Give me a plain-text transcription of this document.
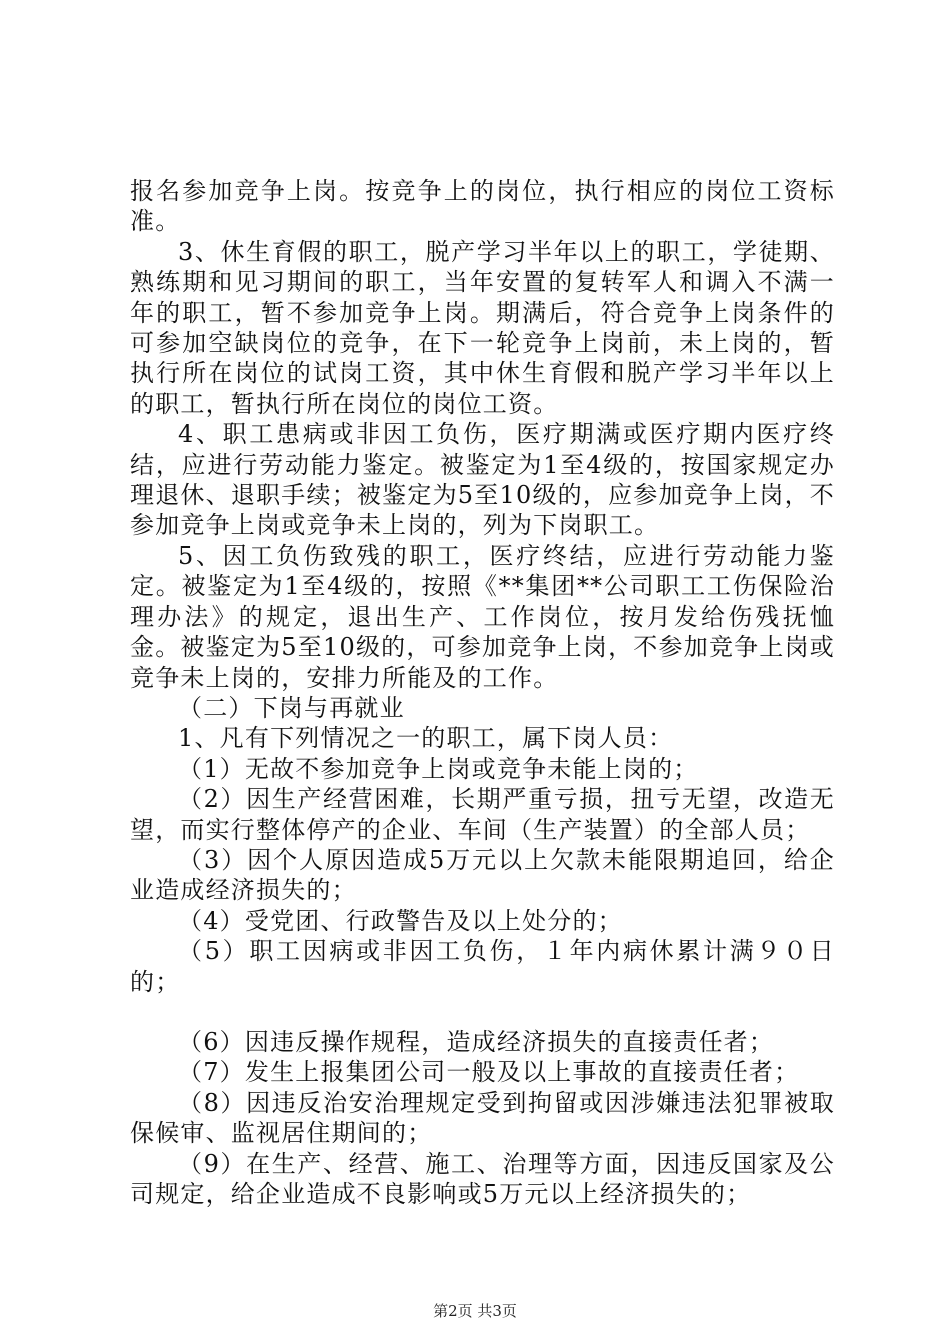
报名参加竞争上岗。按竞争上的岗位，执行相应的岗位工资标准。

3、休生育假的职工，脱产学习半年以上的职工，学徒期、熟练期和见习期间的职工，当年安置的复转军人和调入不满一年的职工，暂不参加竞争上岗。期满后，符合竞争上岗条件的可参加空缺岗位的竞争，在下一轮竞争上岗前，未上岗的，暂执行所在岗位的试岗工资，其中休生育假和脱产学习半年以上的职工，暂执行所在岗位的岗位工资。

4、职工患病或非因工负伤，医疗期满或医疗期内医疗终结，应进行劳动能力鉴定。被鉴定为1至4级的，按国家规定办理退休、退职手续；被鉴定为5至10级的，应参加竞争上岗，不参加竞争上岗或竞争未上岗的，列为下岗职工。

5、因工负伤致残的职工，医疗终结，应进行劳动能力鉴定。被鉴定为1至4级的，按照《**集团**公司职工工伤保险治理办法》的规定，退出生产、工作岗位，按月发给伤残抚恤金。被鉴定为5至10级的，可参加竞争上岗，不参加竞争上岗或竞争未上岗的，安排力所能及的工作。

（二）下岗与再就业

1、凡有下列情况之一的职工，属下岗人员：

（1）无故不参加竞争上岗或竞争未能上岗的；

（2）因生产经营困难，长期严重亏损，扭亏无望，改造无望，而实行整体停产的企业、车间（生产装置）的全部人员；

（3）因个人原因造成5万元以上欠款未能限期追回，给企业造成经济损失的；

（4）受党团、行政警告及以上处分的；

（5）职工因病或非因工负伤，１年内病休累计满９０日的；

（6）因违反操作规程，造成经济损失的直接责任者；

（7）发生上报集团公司一般及以上事故的直接责任者；

（8）因违反治安治理规定受到拘留或因涉嫌违法犯罪被取保候审、监视居住期间的；

（9）在生产、经营、施工、治理等方面，因违反国家及公司规定，给企业造成不良影响或5万元以上经济损失的；

第2页 共3页
